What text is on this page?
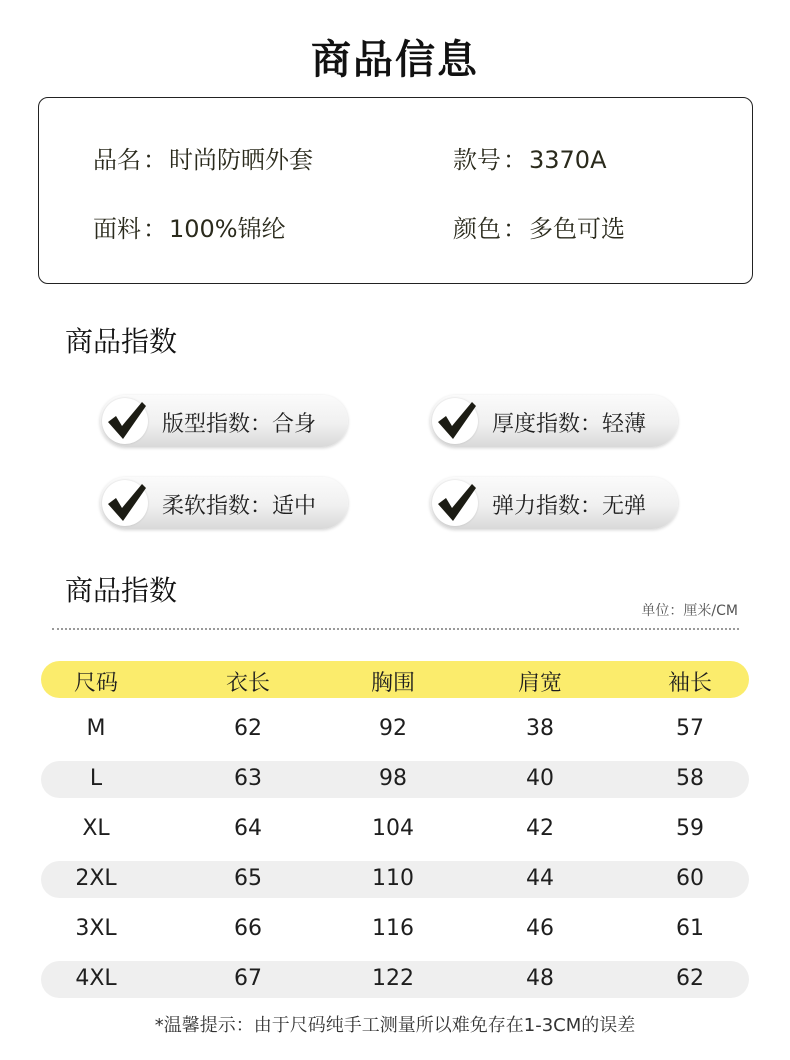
商品信息
品名：时尚防晒外套	款号：3370A
面料：100%锦纶	颜色：多色可选
商品指数
版型指数：合身	厚度指数：轻薄
柔软指数：适中	弹力指数：无弹
商品指数
单位：厘米/CM
尺码	衣长	胸围	肩宽	袖长
M	62	92	38	57
L	63	98	40	58
XL	64	104	42	59
2XL	65	110	44	60
3XL	66	116	46	61
4XL	67	122	48	62
*温馨提示：由于尺码纯手工测量所以难免存在1-3CM的误差
